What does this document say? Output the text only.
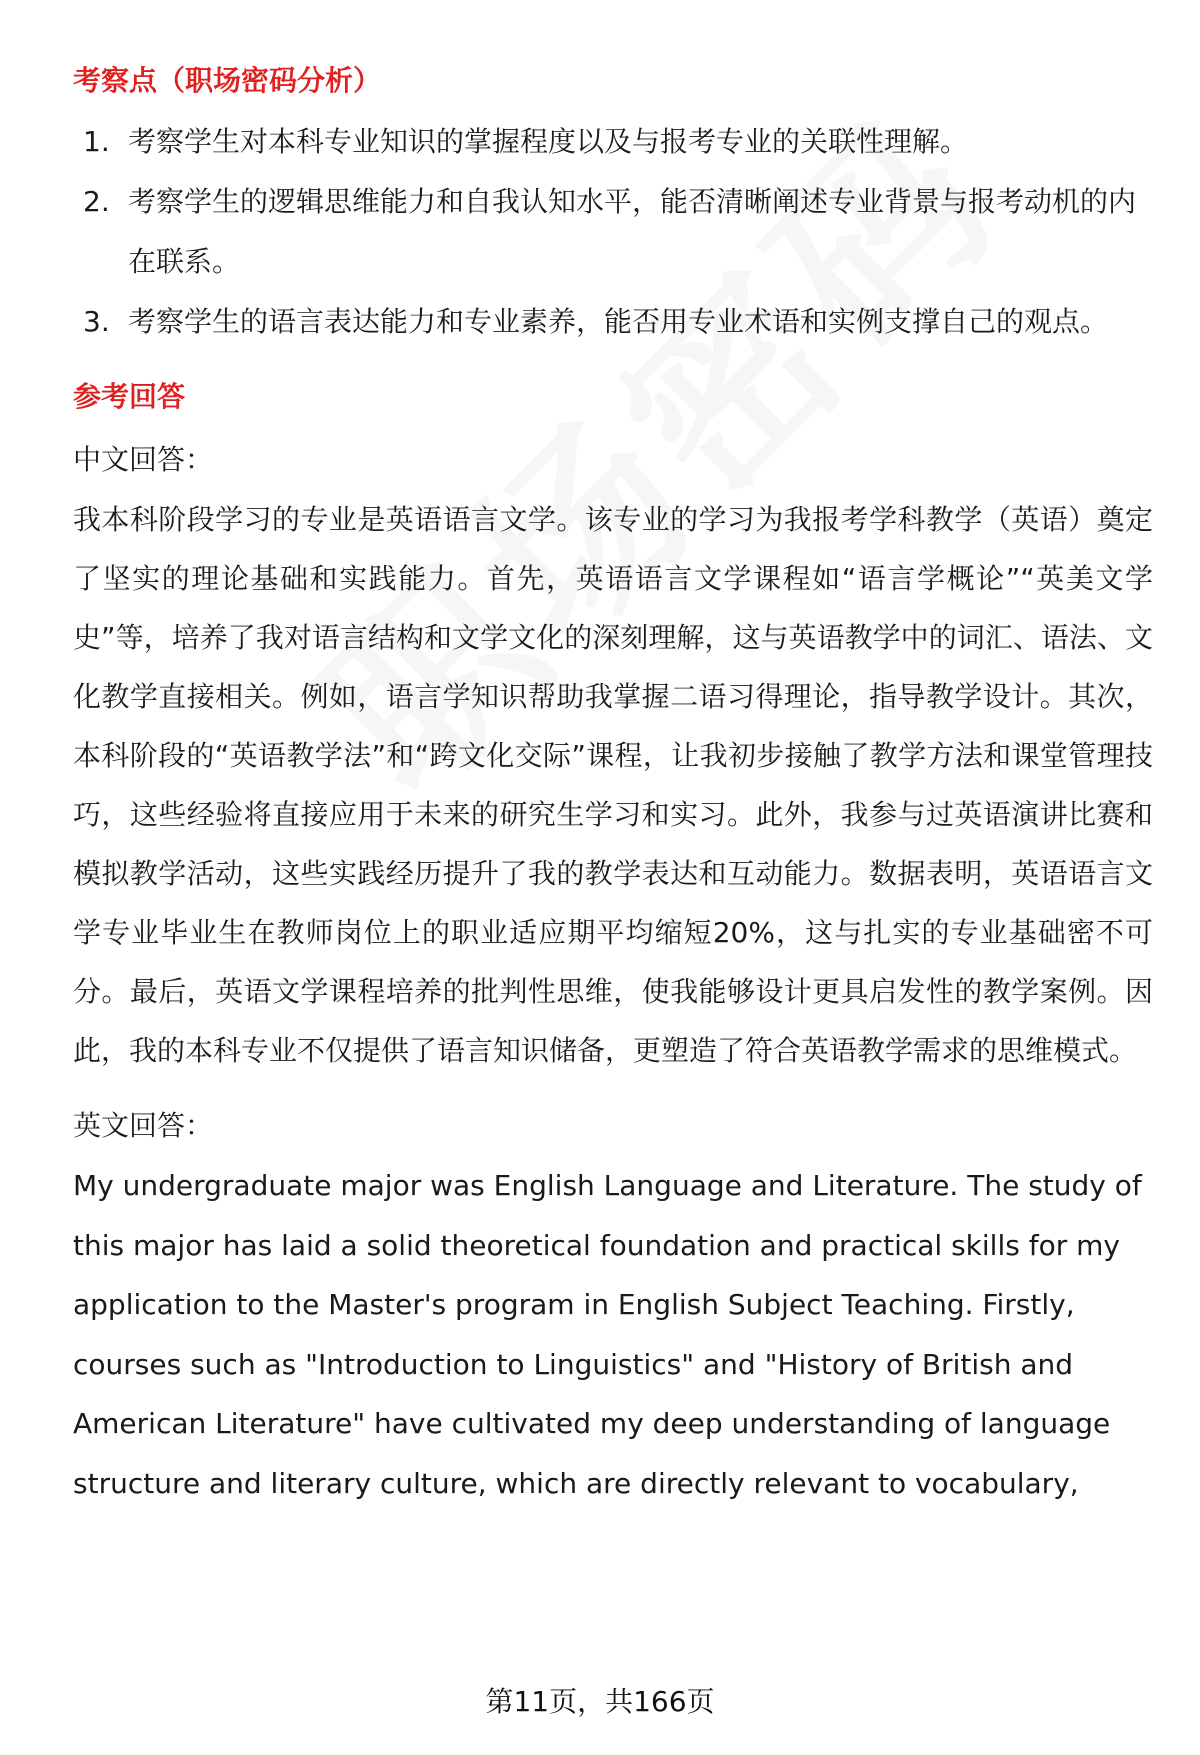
考察点（职场密码分析）
1. 考察学生对本科专业知识的掌握程度以及与报考专业的关联性理解。
2. 考察学生的逻辑思维能力和自我认知水平，能否清晰阐述专业背景与报考动机的内在联系。
3. 考察学生的语言表达能力和专业素养，能否用专业术语和实例支撑自己的观点。
参考回答

中文回答：

我本科阶段学习的专业是英语语言文学。该专业的学习为我报考学科教学（英语）奠定了坚实的理论基础和实践能力。首先，英语语言文学课程如“语言学概论”“英美文学史”等，培养了我对语言结构和文学文化的深刻理解，这与英语教学中的词汇、语法、文化教学直接相关。例如，语言学知识帮助我掌握二语习得理论，指导教学设计。其次，本科阶段的“英语教学法”和“跨文化交际”课程，让我初步接触了教学方法和课堂管理技巧，这些经验将直接应用于未来的研究生学习和实习。此外，我参与过英语演讲比赛和模拟教学活动，这些实践经历提升了我的教学表达和互动能力。数据表明，英语语言文学专业毕业生在教师岗位上的职业适应期平均缩短20%，这与扎实的专业基础密不可分。最后，英语文学课程培养的批判性思维，使我能够设计更具启发性的教学案例。因此，我的本科专业不仅提供了语言知识储备，更塑造了符合英语教学需求的思维模式。

英文回答：

My undergraduate major was English Language and Literature. The study of this major has laid a solid theoretical foundation and practical skills for my application to the Master's program in English Subject Teaching. Firstly, courses such as "Introduction to Linguistics" and "History of British and American Literature" have cultivated my deep understanding of language structure and literary culture, which are directly relevant to vocabulary,

第11页，共166页
